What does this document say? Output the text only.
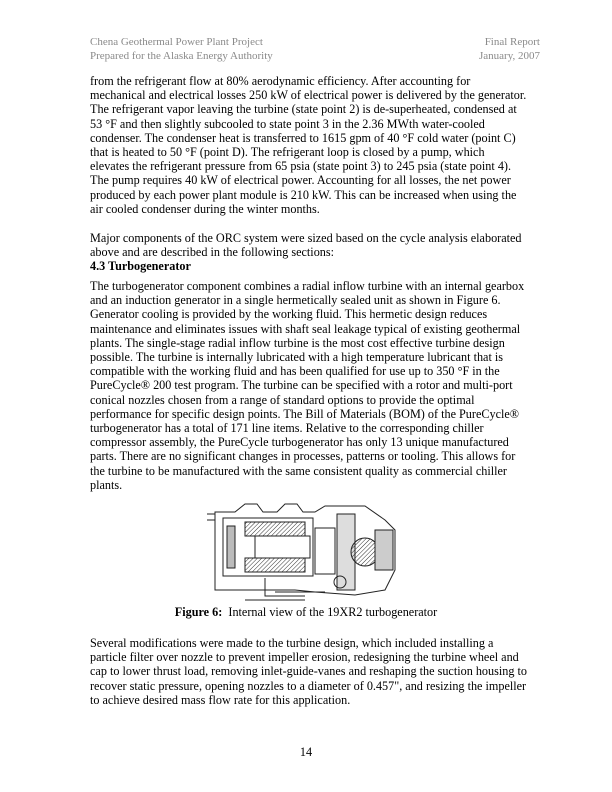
Chena Geothermal Power Plant Project
Prepared for the Alaska Energy Authority
Final Report
January, 2007
from the refrigerant flow at 80% aerodynamic efficiency. After accounting for
mechanical and electrical losses 250 kW of electrical power is delivered by the generator.
The refrigerant vapor leaving the turbine (state point 2) is de-superheated, condensed at
53 °F and then slightly subcooled to state point 3 in the 2.36 MWth water-cooled
condenser. The condenser heat is transferred to 1615 gpm of 40 °F cold water (point C)
that is heated to 50 °F (point D). The refrigerant loop is closed by a pump, which
elevates the refrigerant pressure from 65 psia (state point 3) to 245 psia (state point 4).
The pump requires 40 kW of electrical power. Accounting for all losses, the net power
produced by each power plant module is 210 kW. This can be increased when using the
air cooled condenser during the winter months.
Major components of the ORC system were sized based on the cycle analysis elaborated
above and are described in the following sections:
4.3 Turbogenerator
The turbogenerator component combines a radial inflow turbine with an internal gearbox
and an induction generator in a single hermetically sealed unit as shown in Figure 6.
Generator cooling is provided by the working fluid. This hermetic design reduces
maintenance and eliminates issues with shaft seal leakage typical of existing geothermal
plants. The single-stage radial inflow turbine is the most cost effective turbine design
possible. The turbine is internally lubricated with a high temperature lubricant that is
compatible with the working fluid and has been qualified for use up to 350 °F in the
PureCycle® 200 test program. The turbine can be specified with a rotor and multi-port
conical nozzles chosen from a range of standard options to provide the optimal
performance for specific design points. The Bill of Materials (BOM) of the PureCycle®
turbogenerator has a total of 171 line items. Relative to the corresponding chiller
compressor assembly, the PureCycle turbogenerator has only 13 unique manufactured
parts. There are no significant changes in processes, patterns or tooling. This allows for
the turbine to be manufactured with the same consistent quality as commercial chiller
plants.
Figure 6:  Internal view of the 19XR2 turbogenerator
Several modifications were made to the turbine design, which included installing a
particle filter over nozzle to prevent impeller erosion, redesigning the turbine wheel and
cap to lower thrust load, removing inlet-guide-vanes and reshaping the suction housing to
recover static pressure, opening nozzles to a diameter of 0.457", and resizing the impeller
to achieve desired mass flow rate for this application.
14
